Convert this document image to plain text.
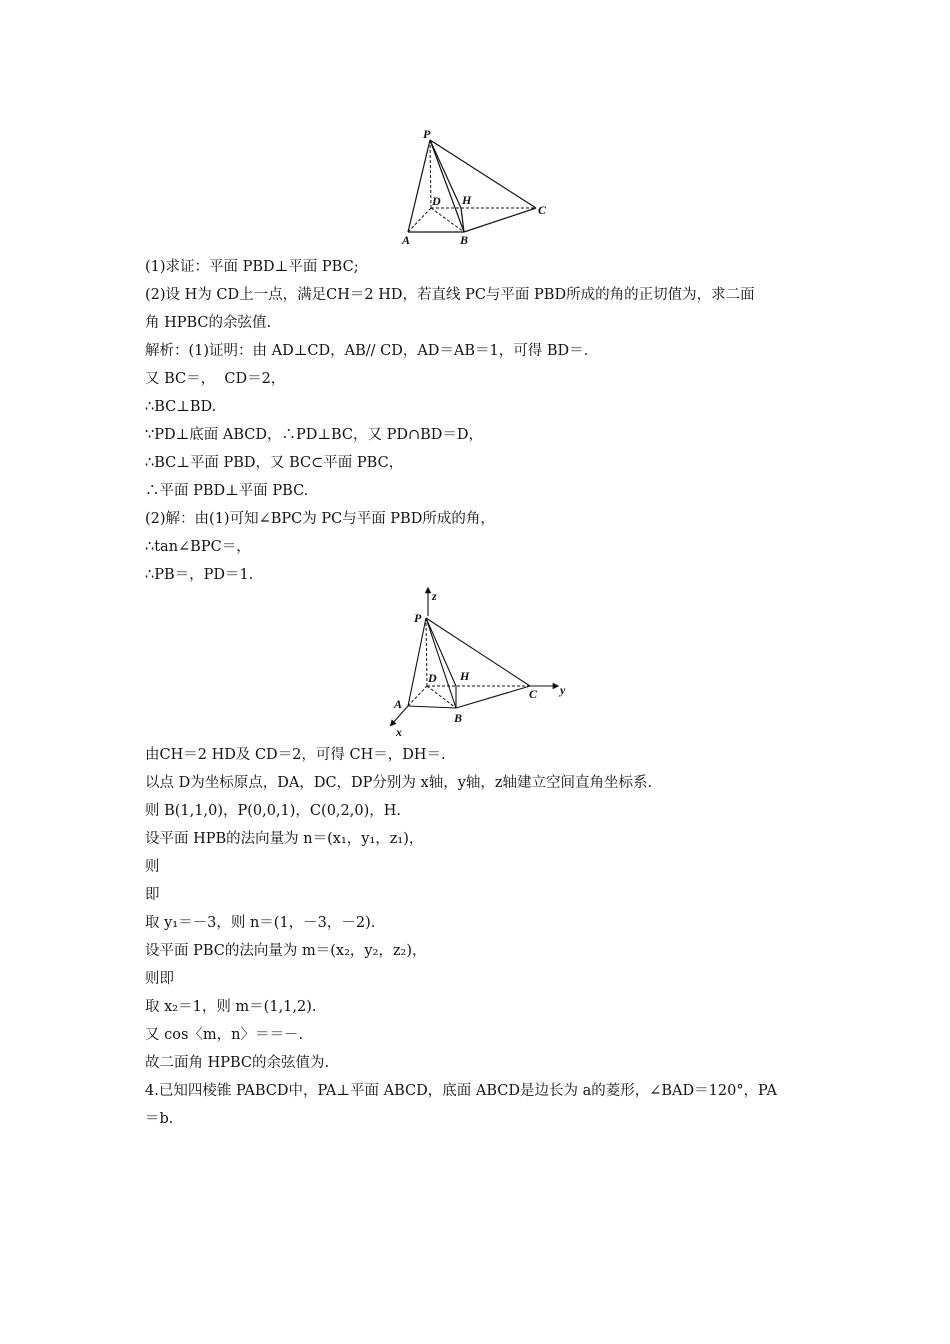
P
D H
C
A	B
(1)求证：平面 PBD⊥平面 PBC;
(2)设 H为 CD上一点，满足CH＝2 HD，若直线 PC与平面 PBD所成的角的正切值为，求二面
角 HPBC的余弦值.
解析：(1)证明：由 AD⊥CD，AB// CD，AD＝AB＝1，可得 BD＝.
又 BC＝，  CD＝2，
∴BC⊥BD.
∵PD⊥底面 ABCD，∴PD⊥BC，又 PD∩BD＝D，
∴BC⊥平面 PBD，又 BC⊂平面 PBC，
∴平面 PBD⊥平面 PBC.
(2)解：由(1)可知∠BPC为 PC与平面 PBD所成的角，
∴tan∠BPC＝，
∴PB＝，PD＝1.
z
y
x
P
D H
C
A
B
由CH＝2 HD及 CD＝2，可得 CH＝，DH＝.
以点 D为坐标原点，DA，DC，DP分别为 x轴，y轴，z轴建立空间直角坐标系.
则 B(1,1,0)，P(0,0,1)，C(0,2,0)，H.
设平面 HPB的法向量为 n＝(x₁，y₁，z₁)，
则
即
取 y₁＝－3，则 n＝(1，－3，－2).
设平面 PBC的法向量为 m＝(x₂，y₂，z₂)，
则即
取 x₂＝1，则 m＝(1,1,2).
又 cos〈m，n〉＝＝－.
故二面角 HPBC的余弦值为.
4.已知四棱锥 PABCD中，PA⊥平面 ABCD，底面 ABCD是边长为 a的菱形，∠BAD＝120°，PA
＝b.
